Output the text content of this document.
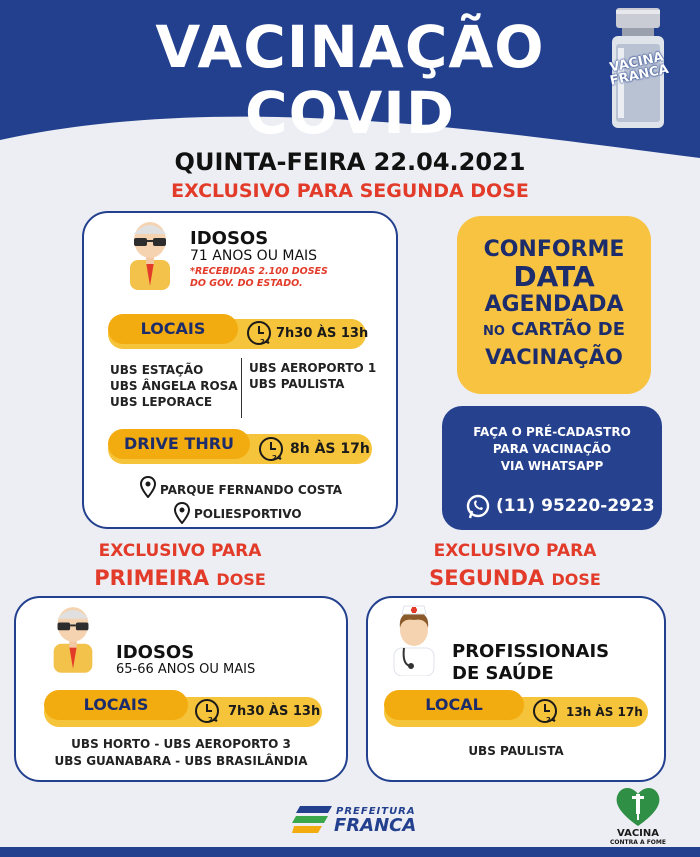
VACINAÇÃO
COVID
VACINA FRANCA
QUINTA-FEIRA 22.04.2021
EXCLUSIVO PARA SEGUNDA DOSE
IDOSOS
71 ANOS OU MAIS
*RECEBIDAS 2.100 DOSES
DO GOV. DO ESTADO.
LOCAIS
24
7h30 ÀS 13h
UBS ESTAÇÃO
UBS ÂNGELA ROSA
UBS LEPORACE
UBS AEROPORTO 1
UBS PAULISTA
DRIVE THRU
24
8h ÀS 17h
PARQUE FERNANDO COSTA
POLIESPORTIVO
CONFORME
DATA
AGENDADA
NO CARTÃO DE
VACINAÇÃO
FAÇA O PRÉ-CADASTRO
PARA VACINAÇÃO
VIA WHATSAPP
(11) 95220-2923
EXCLUSIVO PARA
PRIMEIRA DOSE
EXCLUSIVO PARA
SEGUNDA DOSE
IDOSOS
65-66 ANOS OU MAIS
LOCAIS
24
7h30 ÀS 13h
UBS HORTO - UBS AEROPORTO 3
UBS GUANABARA - UBS BRASILÂNDIA
PROFISSIONAIS
DE SAÚDE
LOCAL
24
13h ÀS 17h
UBS PAULISTA
PREFEITURA
FRANCA	VACINA
CONTRA A FOME
